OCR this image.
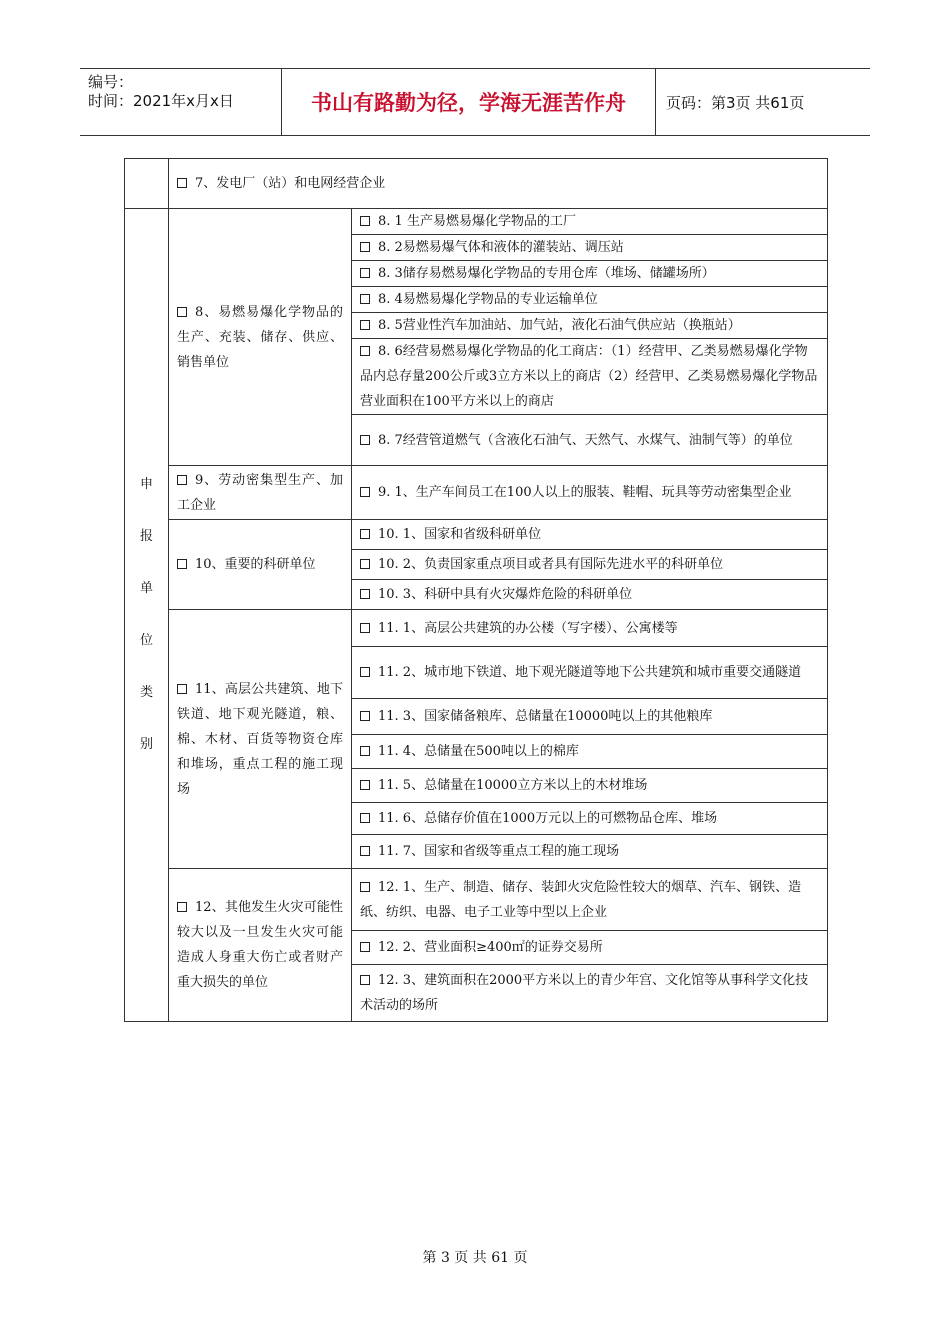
编号：
时间：2021年x月x日	书山有路勤为径，学海无涯苦作舟	页码：第3页 共61页
	7、发电厂（站）和电网经营企业	
申报单位类别	8、易燃易爆化学物品的生产、充装、储存、供应、销售单位	8. 1 生产易燃易爆化学物品的工厂
		8. 2易燃易爆气体和液体的灌装站、调压站
		8. 3储存易燃易爆化学物品的专用仓库（堆场、储罐场所）
		8. 4易燃易爆化学物品的专业运输单位
		8. 5营业性汽车加油站、加气站，液化石油气供应站（换瓶站）
		8. 6经营易燃易爆化学物品的化工商店：（1）经营甲、乙类易燃易爆化学物品内总存量200公斤或3立方米以上的商店（2）经营甲、乙类易燃易爆化学物品营业面积在100平方米以上的商店
		8. 7经营管道燃气（含液化石油气、天然气、水煤气、油制气等）的单位
	9、劳动密集型生产、加工企业	9. 1、生产车间员工在100人以上的服装、鞋帽、玩具等劳动密集型企业
	10、重要的科研单位	10. 1、国家和省级科研单位
		10. 2、负责国家重点项目或者具有国际先进水平的科研单位
		10. 3、科研中具有火灾爆炸危险的科研单位
	11、高层公共建筑、地下铁道、地下观光隧道，粮、棉、木材、百货等物资仓库和堆场，重点工程的施工现场	11. 1、高层公共建筑的办公楼（写字楼）、公寓楼等
		11. 2、城市地下铁道、地下观光隧道等地下公共建筑和城市重要交通隧道
		11. 3、国家储备粮库、总储量在10000吨以上的其他粮库
		11. 4、总储量在500吨以上的棉库
		11. 5、总储量在10000立方米以上的木材堆场
		11. 6、总储存价值在1000万元以上的可燃物品仓库、堆场
		11. 7、国家和省级等重点工程的施工现场
	12、其他发生火灾可能性较大以及一旦发生火灾可能造成人身重大伤亡或者财产重大损失的单位	12. 1、生产、制造、储存、装卸火灾危险性较大的烟草、汽车、钢铁、造纸、纺织、电器、电子工业等中型以上企业
		12. 2、营业面积≥400㎡的证券交易所
		12. 3、建筑面积在2000平方米以上的青少年宫、文化馆等从事科学文化技术活动的场所
第 3 页 共 61 页
